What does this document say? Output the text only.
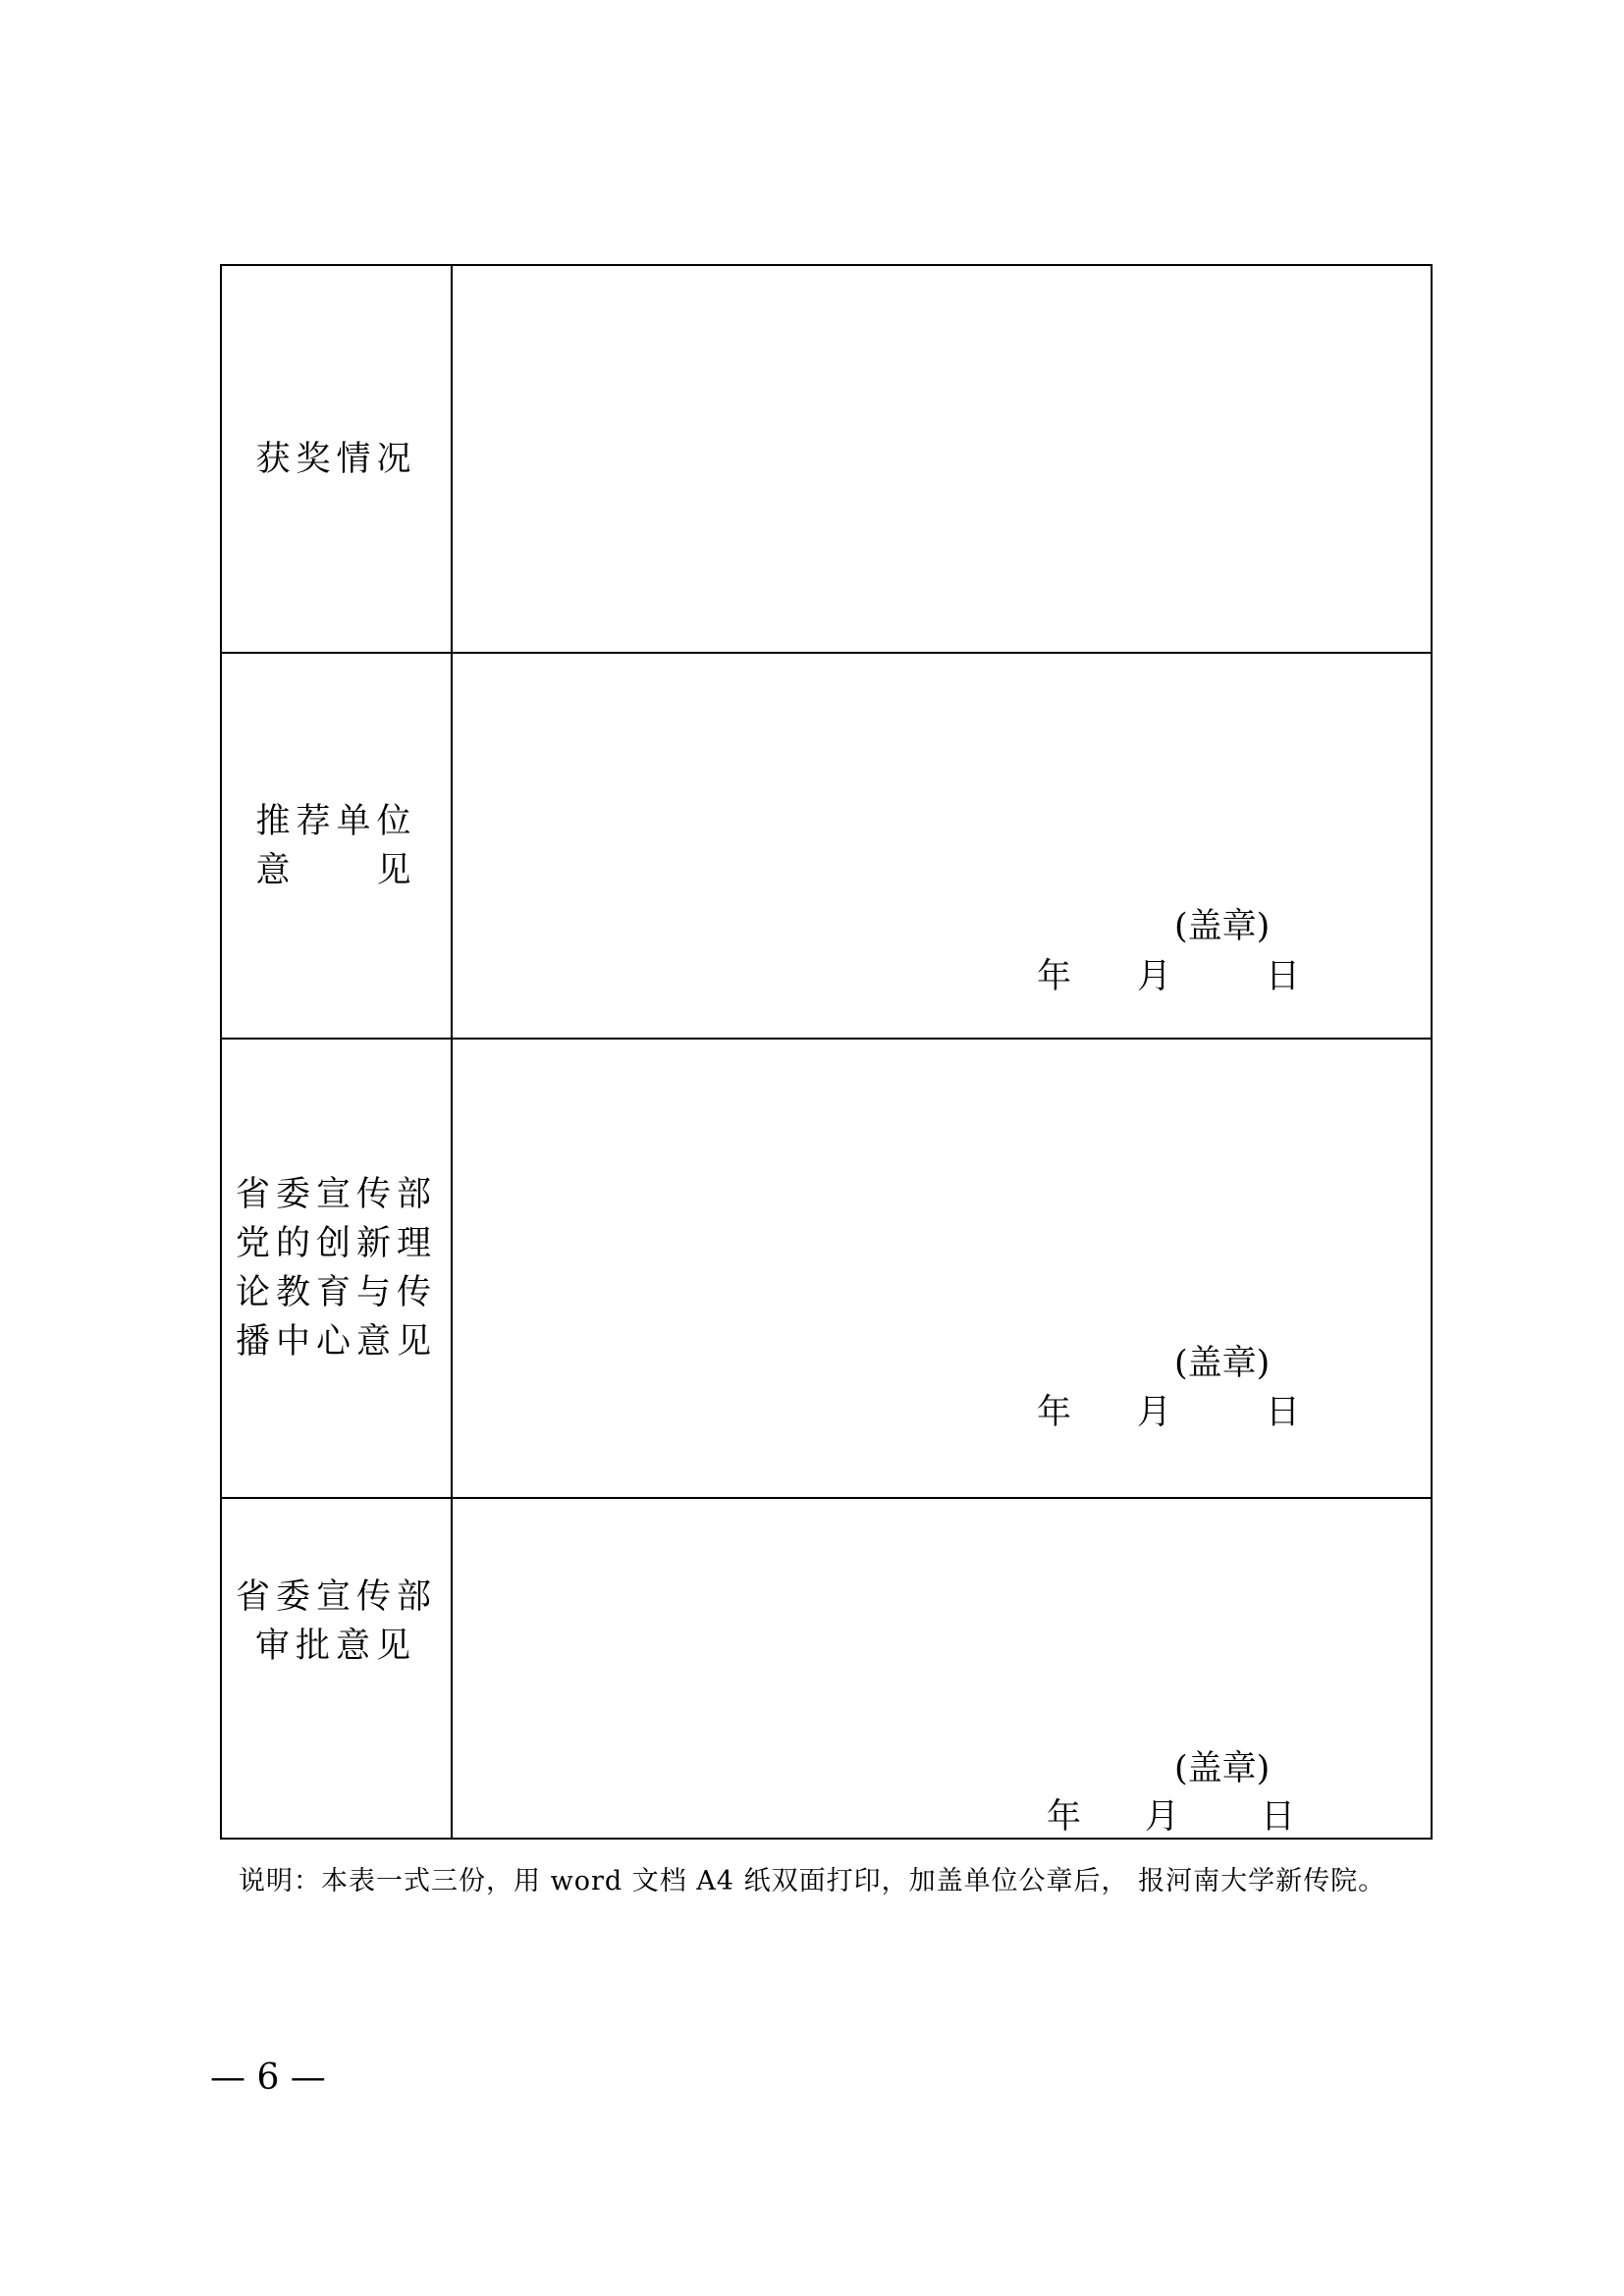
获奖情况
推荐单位
意　　见
(盖章)
年 月	日
省委宣传部
党的创新理
论教育与传
播中心意见
(盖章)
年 月	日
省委宣传部
审批意见
(盖章)
年 月 日
说明：本表一式三份，用 word 文档 A4 纸双面打印，加盖单位公章后， 报河南大学新传院。
— 6 —
